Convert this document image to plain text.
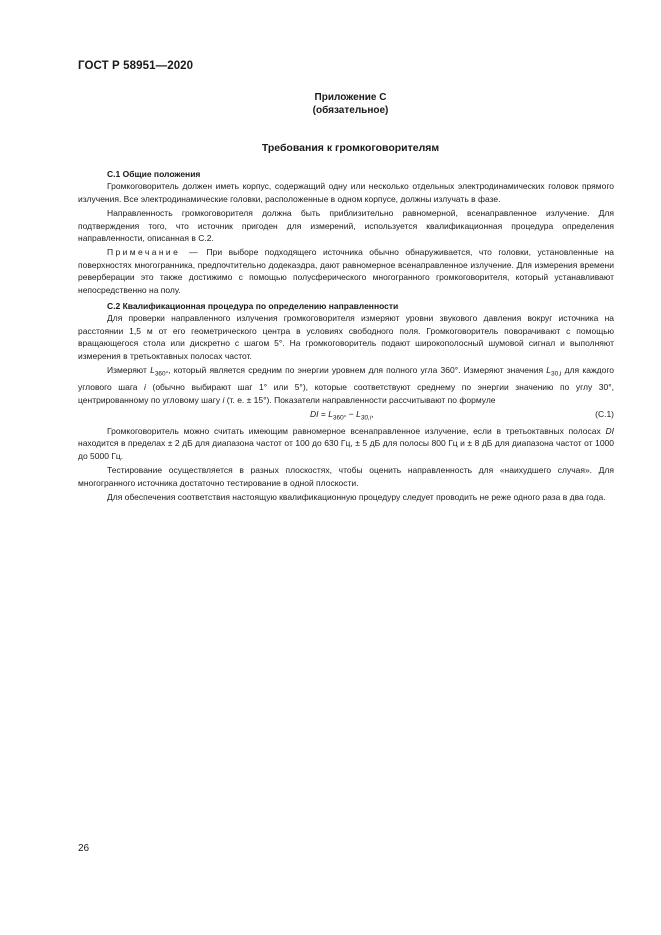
ГОСТ Р 58951—2020
Приложение С
(обязательное)
Требования к громкоговорителям

С.1 Общие положения

Громкоговоритель должен иметь корпус, содержащий одну или несколько отдельных электродинамических головок прямого излучения. Все электродинамические головки, расположенные в одном корпусе, должны излучать в фазе.

Направленность громкоговорителя должна быть приблизительно равномерной, всенаправленное излучение. Для подтверждения того, что источник пригоден для измерений, используется квалификационная процедура определения направленности, описанная в С.2.

Примечание — При выборе подходящего источника обычно обнаруживается, что головки, установленные на поверхностях многогранника, предпочтительно додекаэдра, дают равномерное всенаправленное излучение. Для измерения времени реверберации это также достижимо с помощью полусферического многогранного громкоговорителя, который устанавливают непосредственно на полу.

С.2 Квалификационная процедура по определению направленности

Для проверки направленного излучения громкоговорителя измеряют уровни звукового давления вокруг источника на расстоянии 1,5 м от его геометрического центра в условиях свободного поля. Громкоговоритель поворачивают с помощью вращающегося стола или дискретно с шагом 5°. На громкоговоритель подают широкополосный шумовой сигнал и выполняют измерения в третьоктавных полосах частот.

Измеряют $L_{360^\circ}$, который является средним по энергии уровнем для полного угла 360°. Измеряют значения $L_{30,i}$ для каждого углового шага i (обычно выбирают шаг 1° или 5°), которые соответствуют среднему по энергии значению по углу 30°, центрированному по угловому шагу i (т. е. ± 15°). Показатели направленности рассчитывают по формуле

DI = $L_{360^\circ} - L_{30,i}$,	(С.1)

Громкоговоритель можно считать имеющим равномерное всенаправленное излучение, если в третьоктавных полосах DI находится в пределах ± 2 дБ для диапазона частот от 100 до 630 Гц, ± 5 дБ для полосы 800 Гц и ± 8 дБ для диапазона частот от 1000 до 5000 Гц.

Тестирование осуществляется в разных плоскостях, чтобы оценить направленность для «наихудшего случая». Для многогранного источника достаточно тестирование в одной плоскости.

Для обеспечения соответствия настоящую квалификационную процедуру следует проводить не реже одного раза в два года.

26
